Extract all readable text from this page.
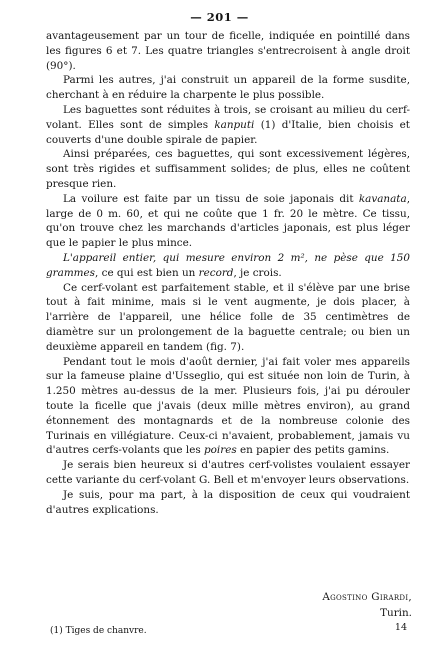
— 201 —

avantageusement par un tour de ficelle, indiquée en pointillé dans les figures 6 et 7. Les quatre triangles s'entrecroisent à angle droit (90°).

Parmi les autres, j'ai construit un appareil de la forme susdite, cherchant à en réduire la charpente le plus possible.

Les baguettes sont réduites à trois, se croisant au milieu du cerf-volant. Elles sont de simples kanputi (1) d'Italie, bien choisis et couverts d'une double spirale de papier.

Ainsi préparées, ces baguettes, qui sont excessivement légères, sont très rigides et suffisamment solides; de plus, elles ne coûtent presque rien.

La voilure est faite par un tissu de soie japonais dit kavanata, large de 0 m. 60, et qui ne coûte que 1 fr. 20 le mètre. Ce tissu, qu'on trouve chez les marchands d'articles japonais, est plus léger que le papier le plus mince.

L'appareil entier, qui mesure environ 2 m², ne pèse que 150 grammes, ce qui est bien un record, je crois.

Ce cerf-volant est parfaitement stable, et il s'élève par une brise tout à fait minime, mais si le vent augmente, je dois placer, à l'arrière de l'appareil, une hélice folle de 35 centimètres de diamètre sur un prolongement de la baguette centrale; ou bien un deuxième appareil en tandem (fig. 7).

Pendant tout le mois d'août dernier, j'ai fait voler mes appareils sur la fameuse plaine d'Usseglio, qui est située non loin de Turin, à 1.250 mètres au-dessus de la mer. Plusieurs fois, j'ai pu dérouler toute la ficelle que j'avais (deux mille mètres environ), au grand étonnement des montagnards et de la nombreuse colonie des Turinais en villégiature. Ceux-ci n'avaient, probablement, jamais vu d'autres cerfs-volants que les poires en papier des petits gamins.

Je serais bien heureux si d'autres cerf-volistes voulaient essayer cette variante du cerf-volant G. Bell et m'envoyer leurs observations.

Je suis, pour ma part, à la disposition de ceux qui voudraient d'autres explications.

Agostino Girardi,
Turin.
(1) Tiges de chanvre.	14
